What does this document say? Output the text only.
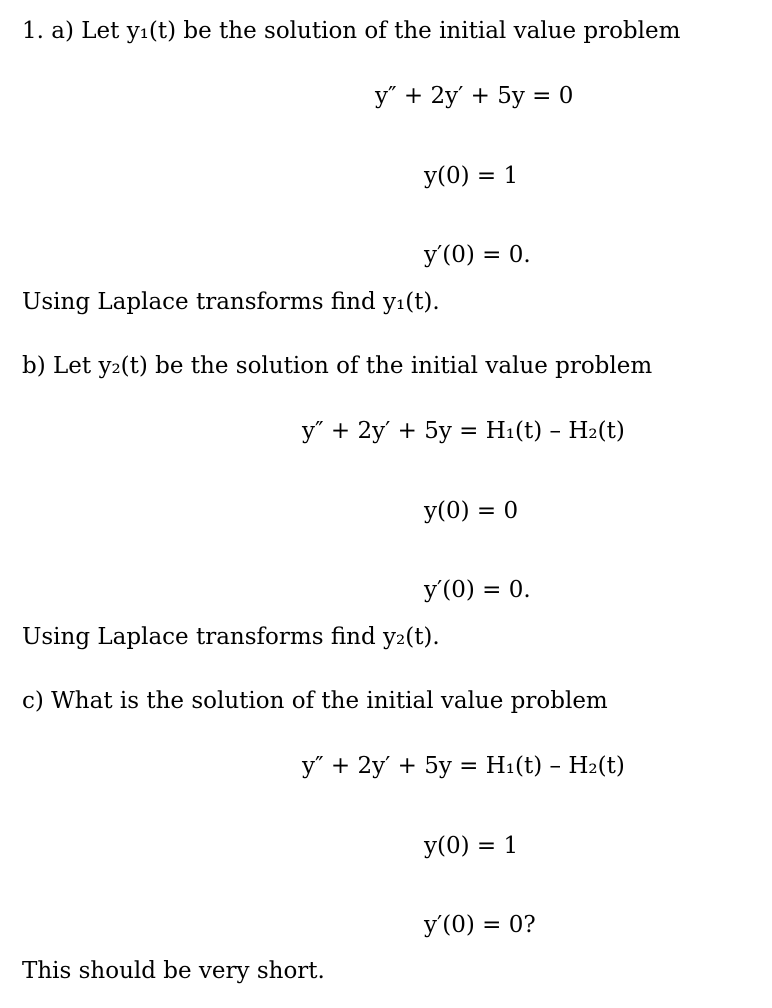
1. a) Let y₁(t) be the solution of the initial value problem
y″ + 2y′ + 5y = 0
y(0) = 1
y′(0) = 0.
Using Laplace transforms find y₁(t).
b) Let y₂(t) be the solution of the initial value problem
y″ + 2y′ + 5y = H₁(t) – H₂(t)
y(0) = 0
y′(0) = 0.
Using Laplace transforms find y₂(t).
c) What is the solution of the initial value problem
y″ + 2y′ + 5y = H₁(t) – H₂(t)
y(0) = 1
y′(0) = 0?
This should be very short.
